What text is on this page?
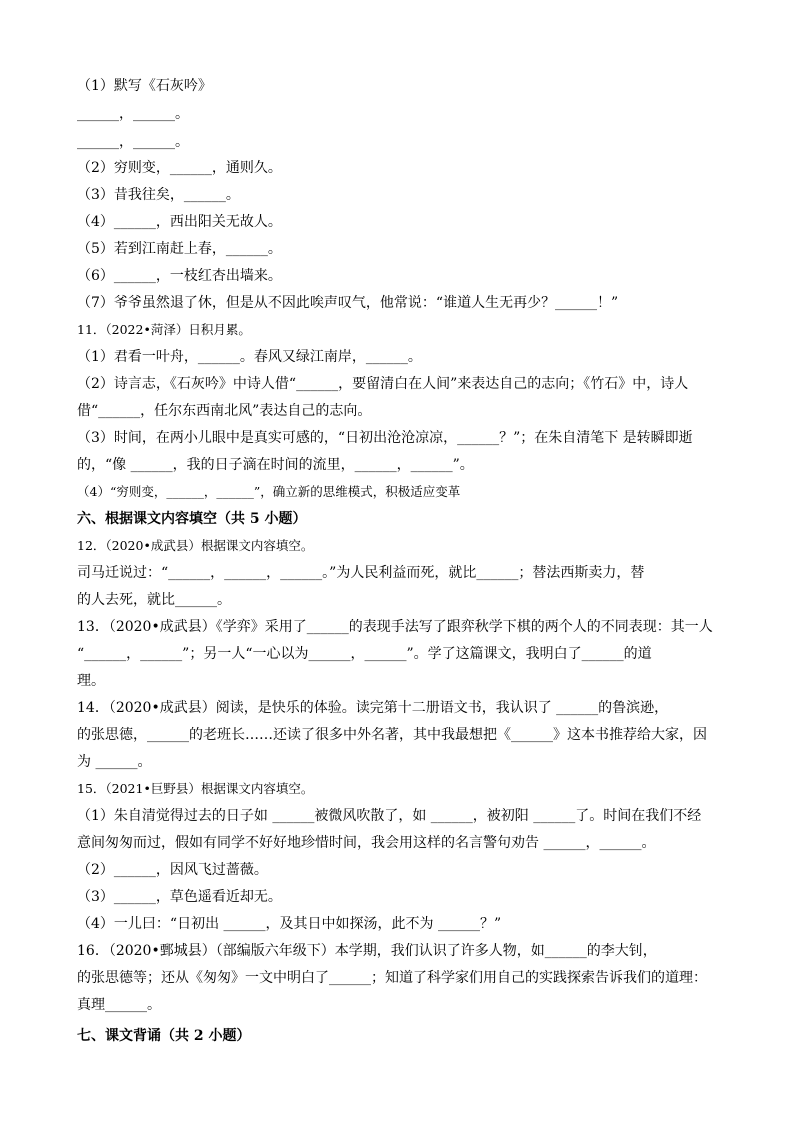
（1）默写《石灰吟》
______，______。
______，______。
（2）穷则变，______，通则久。
（3）昔我往矣，______。
（4）______，西出阳关无故人。
（5）若到江南赶上春，______。
（6）______，一枝红杏出墙来。
（7）爷爷虽然退了休，但是从不因此唉声叹气，他常说：“谁道人生无再少？______！”
11．（2022•菏泽）日积月累。
（1）君看一叶舟，______。春风又绿江南岸，______。
（2）诗言志，《石灰吟》中诗人借“______，要留清白在人间”来表达自己的志向；《竹石》中，诗人
借“______，任尔东西南北风”表达自己的志向。
（3）时间，在两小儿眼中是真实可感的，“日初出沧沧凉凉，______？”；在朱自清笔下 是转瞬即逝
的，“像 ______，我的日子滴在时间的流里，______，______”。
（4）“穷则变，______，______”，确立新的思维模式，积极适应变革
六、根据课文内容填空（共 5 小题）
12．（2020•成武县）根据课文内容填空。
司马迁说过：“______，______，______。”为人民利益而死，就比______；替法西斯卖力，替
的人去死，就比______。
13．（2020•成武县）《学弈》采用了______的表现手法写了跟弈秋学下棋的两个人的不同表现：其一人
“______，______”；另一人“一心以为______，______”。学了这篇课文，我明白了______的道
理。
14．（2020•成武县）阅读，是快乐的体验。读完第十二册语文书，我认识了 ______的鲁滨逊，
的张思德，______的老班长……还读了很多中外名著，其中我最想把《______》这本书推荐给大家，因
为 ______。
15．（2021•巨野县）根据课文内容填空。
（1）朱自清觉得过去的日子如 ______被微风吹散了，如 ______，被初阳 ______了。时间在我们不经
意间匆匆而过，假如有同学不好好地珍惜时间，我会用这样的名言警句劝告 ______，______。
（2）______，因风飞过蔷薇。
（3）______，草色遥看近却无。
（4）一儿曰：“日初出 ______，及其日中如探汤，此不为 ______？”
16．（2020•鄄城县）（部编版六年级下）本学期，我们认识了许多人物，如______的李大钊，
的张思德等；还从《匆匆》一文中明白了______；知道了科学家们用自己的实践探索告诉我们的道理：
真理______。
七、课文背诵（共 2 小题）
